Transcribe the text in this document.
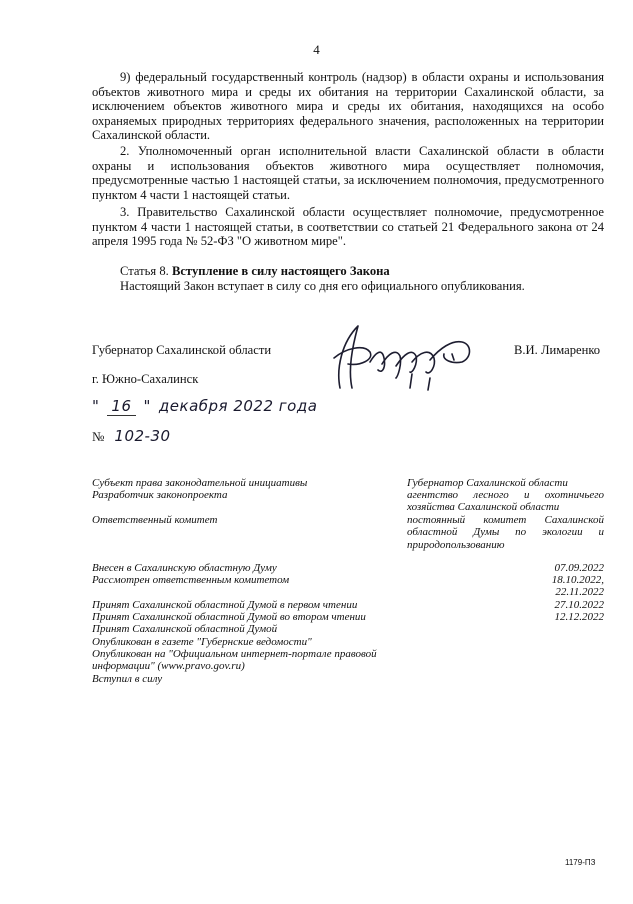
4

9) федеральный государственный контроль (надзор) в области охраны и использования объектов животного мира и среды их обитания на территории Сахалинской области, за исключением объектов животного мира и среды их обитания, находящихся на особо охраняемых природных территориях федерального значения, расположенных на территории Сахалинской области.

2. Уполномоченный орган исполнительной власти Сахалинской области в области охраны и использования объектов животного мира осуществляет полномочия, предусмотренные частью 1 настоящей статьи, за исключением полномочия, предусмотренного пунктом 4 части 1 настоящей статьи.

3. Правительство Сахалинской области осуществляет полномочие, предусмотренное пунктом 4 части 1 настоящей статьи, в соответствии со статьей 21 Федерального закона от 24 апреля 1995 года № 52-ФЗ "О животном мире".

Статья 8. Вступление в силу настоящего Закона
Настоящий Закон вступает в силу со дня его официального опубликования.
Губернатор Сахалинской области	В.И. Лимаренко
г. Южно-Сахалинск
" 16 " декабря 2022 года
№ 102-30
Субъект права законодательной инициативы
Разработчик законопроекта
Ответственный комитет
Губернатор Сахалинской области
агентство лесного и охотничьего хозяйства Сахалинской области
постоянный комитет Сахалинской областной Думы по экологии и природопользованию
Внесен в Сахалинскую областную Думу
Рассмотрен ответственным комитетом
Принят Сахалинской областной Думой в первом чтении
Принят Сахалинской областной Думой во втором чтении
Принят Сахалинской областной Думой
Опубликован в газете "Губернские ведомости"
Опубликован на "Официальном интернет-портале правовой информации" (www.pravo.gov.ru)
Вступил в силу
07.09.2022
18.10.2022,
22.11.2022
27.10.2022
12.12.2022
1179-ПЗ
